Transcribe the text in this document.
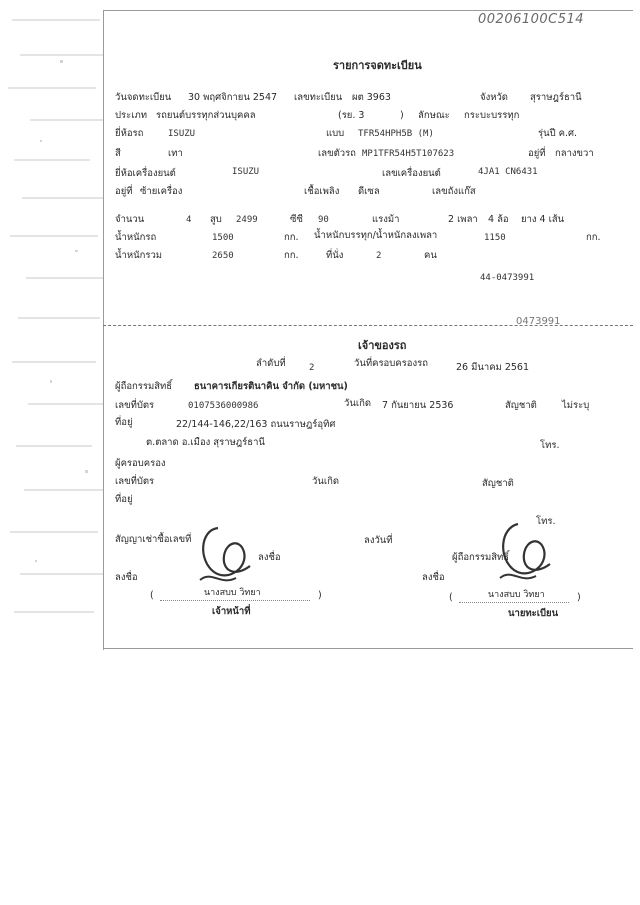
00206100C514
รายการจดทะเบียน
วันจดทะเบียน 30 พฤศจิกายน 2547 เลขทะเบียน ผต 3963	จังหวัด สุราษฎร์ธานี
ประเภท รถยนต์บรรทุกส่วนบุคคล	(รย. 3	) ลักษณะ กระบะบรรทุก
ยี่ห้อรถ	ISUZU	แบบ TFR54HPH5B (M)	รุ่นปี ค.ศ.
สี	เทา	เลขตัวรถ MP1TFR54H5T107623	อยู่ที่ กลางขวา
ยี่ห้อเครื่องยนต์	ISUZU	เลขเครื่องยนต์	4JA1 CN6431
อยู่ที่ ซ้ายเครื่อง	เชื้อเพลิง ดีเซล	เลขถังแก๊ส
จำนวน	4 สูบ 2499	ซีซี 90	แรงม้า	2 เพลา 4 ล้อ ยาง 4 เส้น
น้ำหนักรถ	1500	กก. น้ำหนักบรรทุก/น้ำหนักลงเพลา	1150	กก.
น้ำหนักรวม	2650	กก.	ที่นั่ง	2	คน
44-0473991
0473991
เจ้าของรถ
ลำดับที่	2	วันที่ครอบครองรถ	26 มีนาคม 2561
ผู้ถือกรรมสิทธิ์ ธนาคารเกียรตินาคิน จำกัด (มหาชน)
เลขที่บัตร	0107536000986	วันเกิด 7 กันยายน 2536	สัญชาติ	ไม่ระบุ
ที่อยู่	22/144-146,22/163 ถนนราษฎร์อุทิศ
ต.ตลาด อ.เมือง สุราษฎร์ธานี	โทร.
ผู้ครอบครอง
เลขที่บัตร	วันเกิด	สัญชาติ
ที่อยู่
โทร.
สัญญาเช่าซื้อเลขที่	ลงวันที่
ลงชื่อ	ผู้ถือกรรมสิทธิ์
ลงชื่อ	ลงชื่อ
(	นางสบบ วิทยา	)
เจ้าหน้าที่
(	นางสบบ วิทยา	)
นายทะเบียน
